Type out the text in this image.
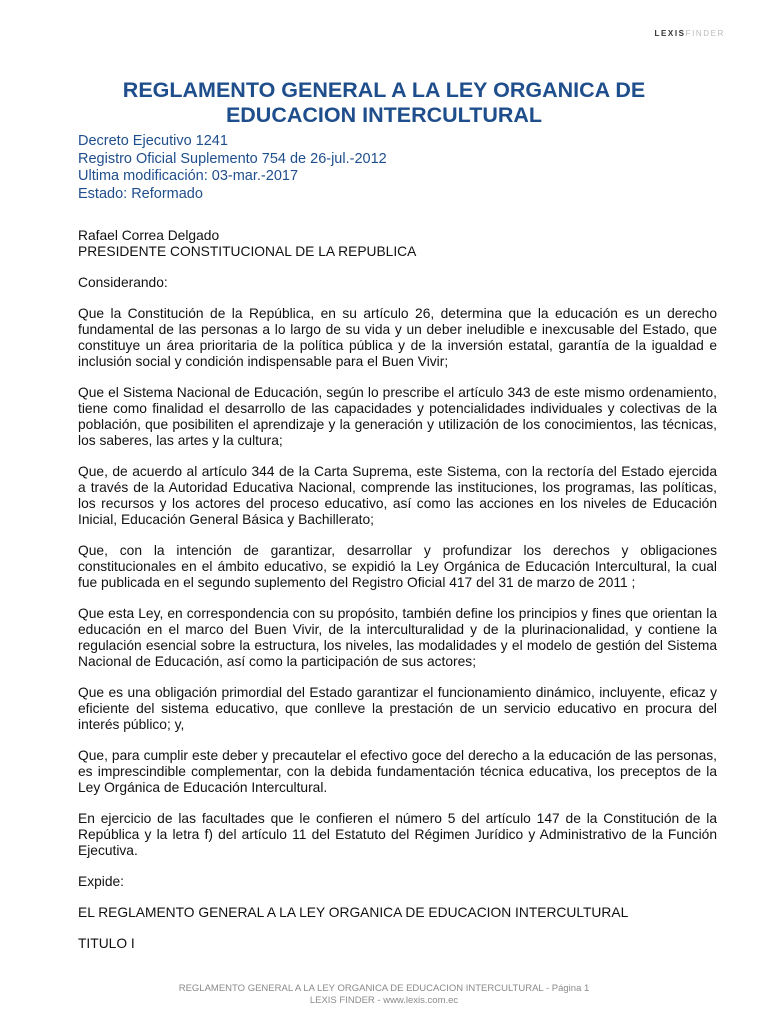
LEXISFINDER
REGLAMENTO GENERAL A LA LEY ORGANICA DE EDUCACION INTERCULTURAL
Decreto Ejecutivo 1241
Registro Oficial Suplemento 754 de 26-jul.-2012
Ultima modificación: 03-mar.-2017
Estado: Reformado

Rafael Correa Delgado

PRESIDENTE CONSTITUCIONAL DE LA REPUBLICA

Considerando:

Que la Constitución de la República, en su artículo 26, determina que la educación es un derecho fundamental de las personas a lo largo de su vida y un deber ineludible e inexcusable del Estado, que constituye un área prioritaria de la política pública y de la inversión estatal, garantía de la igualdad e inclusión social y condición indispensable para el Buen Vivir;

Que el Sistema Nacional de Educación, según lo prescribe el artículo 343 de este mismo ordenamiento, tiene como finalidad el desarrollo de las capacidades y potencialidades individuales y colectivas de la población, que posibiliten el aprendizaje y la generación y utilización de los conocimientos, las técnicas, los saberes, las artes y la cultura;

Que, de acuerdo al artículo 344 de la Carta Suprema, este Sistema, con la rectoría del Estado ejercida a través de la Autoridad Educativa Nacional, comprende las instituciones, los programas, las políticas, los recursos y los actores del proceso educativo, así como las acciones en los niveles de Educación Inicial, Educación General Básica y Bachillerato;

Que, con la intención de garantizar, desarrollar y profundizar los derechos y obligaciones constitucionales en el ámbito educativo, se expidió la Ley Orgánica de Educación Intercultural, la cual fue publicada en el segundo suplemento del Registro Oficial 417 del 31 de marzo de 2011 ;

Que esta Ley, en correspondencia con su propósito, también define los principios y fines que orientan la educación en el marco del Buen Vivir, de la interculturalidad y de la plurinacionalidad, y contiene la regulación esencial sobre la estructura, los niveles, las modalidades y el modelo de gestión del Sistema Nacional de Educación, así como la participación de sus actores;

Que es una obligación primordial del Estado garantizar el funcionamiento dinámico, incluyente, eficaz y eficiente del sistema educativo, que conlleve la prestación de un servicio educativo en procura del interés público; y,

Que, para cumplir este deber y precautelar el efectivo goce del derecho a la educación de las personas, es imprescindible complementar, con la debida fundamentación técnica educativa, los preceptos de la Ley Orgánica de Educación Intercultural.

En ejercicio de las facultades que le confieren el número 5 del artículo 147 de la Constitución de la República y la letra f) del artículo 11 del Estatuto del Régimen Jurídico y Administrativo de la Función Ejecutiva.

Expide:

EL REGLAMENTO GENERAL A LA LEY ORGANICA DE EDUCACION INTERCULTURAL

TITULO I

REGLAMENTO GENERAL A LA LEY ORGANICA DE EDUCACION INTERCULTURAL - Página 1
LEXIS FINDER - www.lexis.com.ec
